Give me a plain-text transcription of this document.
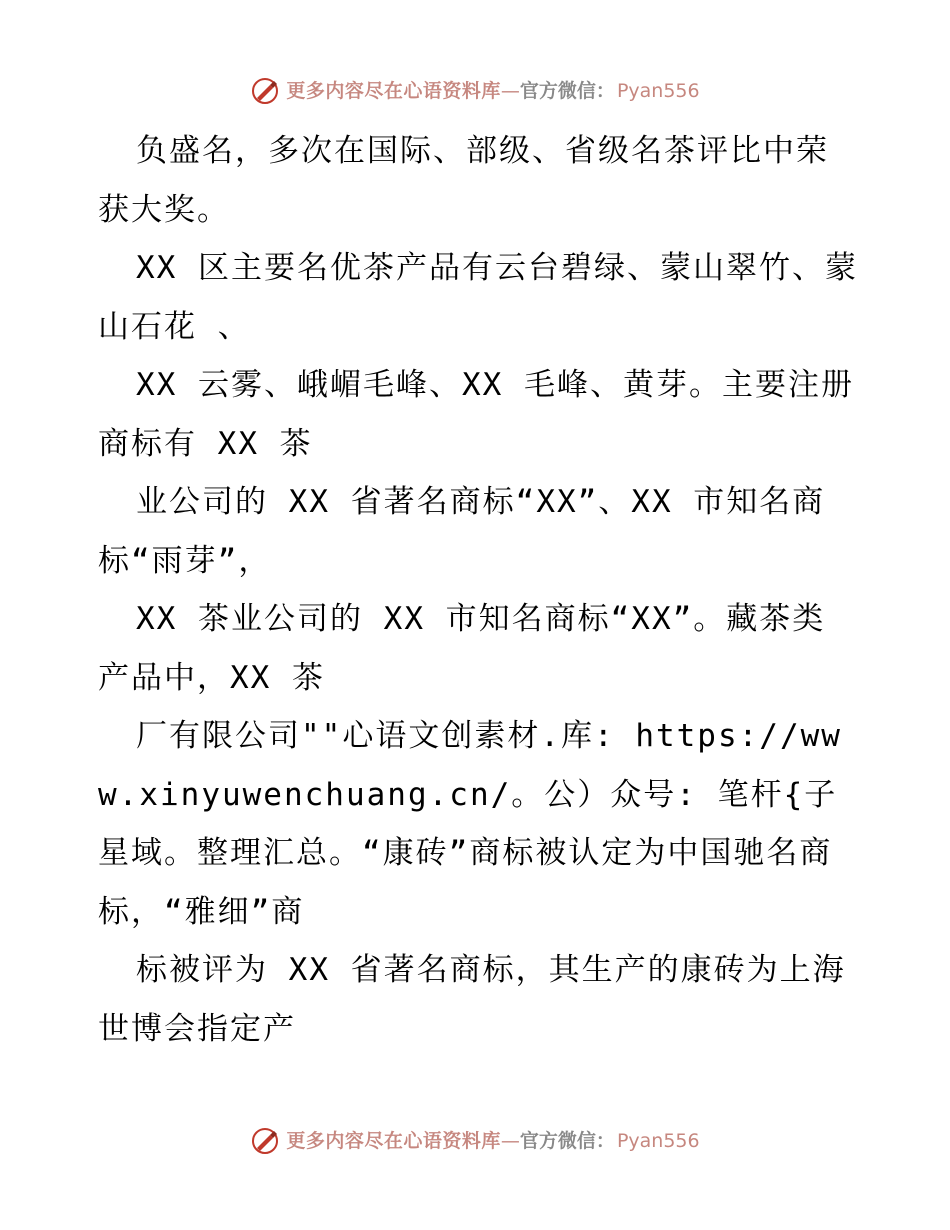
更多内容尽在心语资料库 — 官方微信： Pyan556

负盛名，多次在国际、部级、省级名茶评比中荣获大奖。

XX 区主要名优茶产品有云台碧绿、蒙山翠竹、蒙山石花 、

XX 云雾、峨嵋毛峰、XX 毛峰、黄芽。主要注册商标有 XX 茶

业公司的 XX 省著名商标“XX”、XX 市知名商标“雨芽”，

XX 茶业公司的 XX 市知名商标“XX”。藏茶类产品中，XX 茶

厂有限公司""心语文创素材.库: https://www.xinyuwenchuang.cn/。公）众号: 笔杆{子星域。整理汇总。“康砖”商标被认定为中国驰名商标，“雅细”商

标被评为 XX 省著名商标，其生产的康砖为上海世博会指定产

更多内容尽在心语资料库 — 官方微信： Pyan556
